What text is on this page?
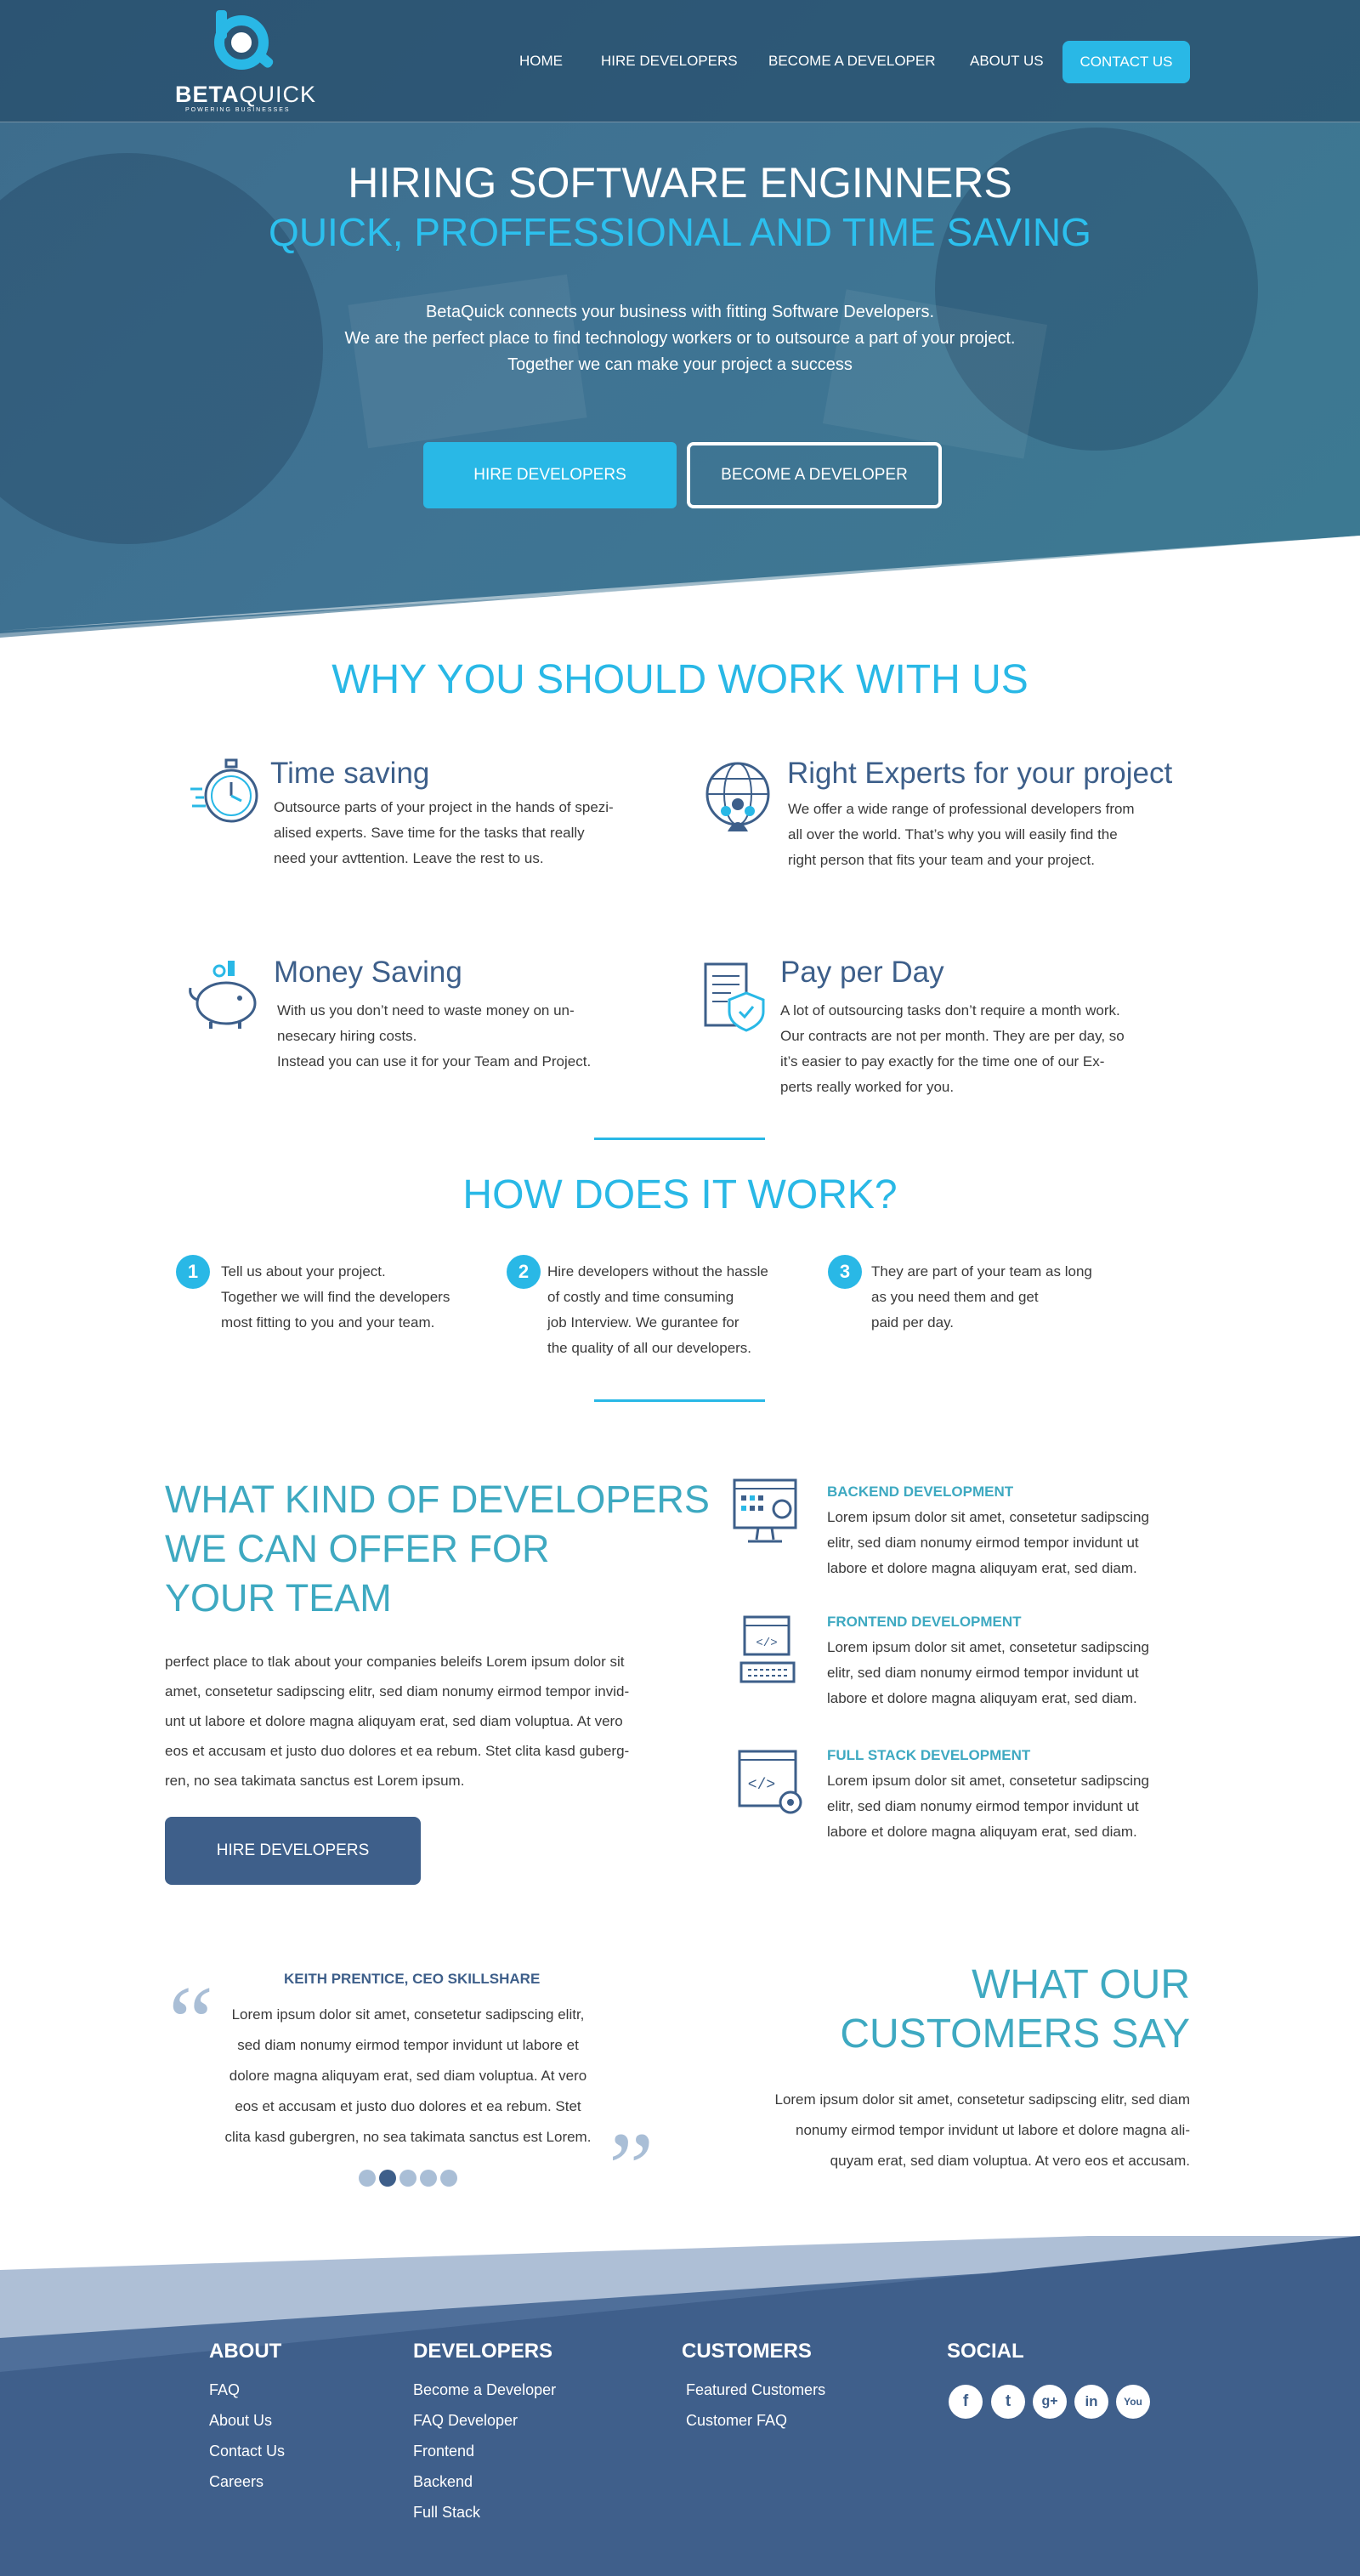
BETAQUICK
POWERING BUSINESSES
HOME	HIRE DEVELOPERS BECOME A DEVELOPER ABOUT US	CONTACT US
HIRING SOFTWARE ENGINNERS
QUICK, PROFFESSIONAL AND TIME SAVING
BetaQuick connects your business with fitting Software Developers.
We are the perfect place to find technology workers or to outsource a part of your project.
Together we can make your project a success
HIRE DEVELOPERS	BECOME A DEVELOPER
WHY YOU SHOULD WORK WITH US
Time saving
Outsource parts of your project in the hands of spezi-
alised experts. Save time for the tasks that really
need your avttention. Leave the rest to us.
Right Experts for your project
We offer a wide range of professional developers from
all over the world. That’s why you will easily find the
right person that fits your team and your project.
Money Saving
With us you don’t need to waste money on un-
nesecary hiring costs.
Instead you can use it for your Team and Project.
Pay per Day
A lot of outsourcing tasks don’t require a month work.
Our contracts are not per month. They are per day, so
it’s easier to pay exactly for the time one of our Ex-
perts really worked for you.
HOW DOES IT WORK?
1	Tell us about your project.
Together we will find the developers
most fitting to you and your team.
2	Hire developers without the hassle
of costly and time consuming
job Interview. We gurantee for
the quality of all our developers.
3	They are part of your team as long
as you need them and get
paid per day.
WHAT KIND OF DEVELOPERS
WE CAN OFFER FOR
YOUR TEAM
perfect place to tlak about your companies beleifs Lorem ipsum dolor sit
amet, consetetur sadipscing elitr, sed diam nonumy eirmod tempor invid-
unt ut labore et dolore magna aliquyam erat, sed diam voluptua. At vero
eos et accusam et justo duo dolores et ea rebum. Stet clita kasd guberg-
ren, no sea takimata sanctus est Lorem ipsum.
HIRE DEVELOPERS
BACKEND DEVELOPMENT
Lorem ipsum dolor sit amet, consetetur sadipscing
elitr, sed diam nonumy eirmod tempor invidunt ut
labore et dolore magna aliquyam erat, sed diam.
</>
FRONTEND DEVELOPMENT
Lorem ipsum dolor sit amet, consetetur sadipscing
elitr, sed diam nonumy eirmod tempor invidunt ut
labore et dolore magna aliquyam erat, sed diam.
</>
FULL STACK DEVELOPMENT
Lorem ipsum dolor sit amet, consetetur sadipscing
elitr, sed diam nonumy eirmod tempor invidunt ut
labore et dolore magna aliquyam erat, sed diam.
“
”
KEITH PRENTICE, CEO SKILLSHARE
Lorem ipsum dolor sit amet, consetetur sadipscing elitr,
sed diam nonumy eirmod tempor invidunt ut labore et
dolore magna aliquyam erat, sed diam voluptua. At vero
eos et accusam et justo duo dolores et ea rebum. Stet
clita kasd gubergren, no sea takimata sanctus est Lorem.
WHAT OUR
CUSTOMERS SAY
Lorem ipsum dolor sit amet, consetetur sadipscing elitr, sed diam
nonumy eirmod tempor invidunt ut labore et dolore magna ali-
quyam erat, sed diam voluptua. At vero eos et accusam.
ABOUT
FAQ
About Us
Contact Us
Careers
DEVELOPERS
Become a Developer
FAQ Developer
Frontend
Backend
Full Stack
CUSTOMERS
Featured Customers
Customer FAQ
SOCIAL
f	t	g+	in	You
